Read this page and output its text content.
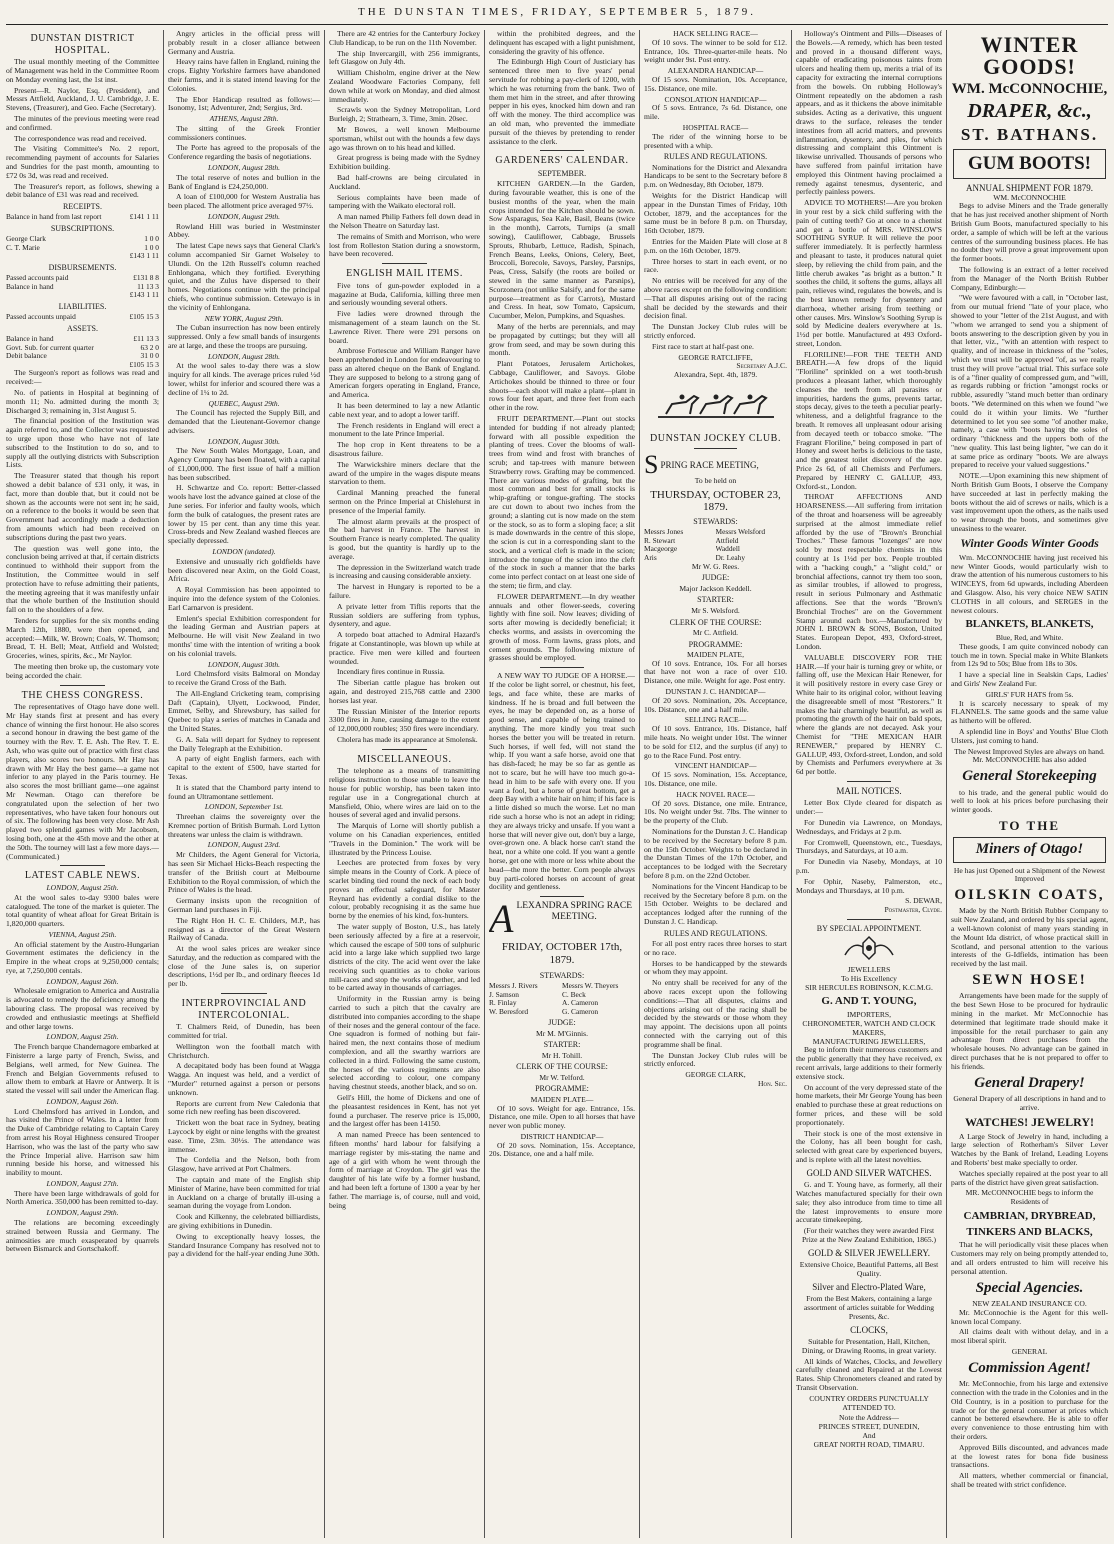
THE DUNSTAN TIMES, FRIDAY, SEPTEMBER 5, 1879.
DUNSTAN DISTRICT HOSPITAL.

The usual monthly meeting of the Committee of Management was held in the Committee Room on Monday evening last, the 1st inst.

Present—R. Naylor, Esq. (President), and Messrs Attfield, Auckland, J. U. Cambridge, J. E. Stevens, (Treasurer), and Geo. Fache (Secretary).

The minutes of the previous meeting were read and confirmed.

The correspondence was read and received.

The Visiting Committee's No. 2 report, recommending payment of accounts for Salaries and Sundries for the past month, amounting to £72 0s 3d, was read and received.

The Treasurer's report, as follows, shewing a debit balance of £31 was read and received.

RECEIPTS.
Balance in hand from last report	£141 1 11
SUBSCRIPTIONS.
George Clark	1 0 0
C. T. Marie	1 0 0
£143 1 11
DISBURSEMENTS.
Passed accounts paid	£131 8 8
Balance in hand	11 13 3
£143 1 11
LIABILITIES.
Passed accounts unpaid	£105 15 3
ASSETS.
Balance in hand	£11 13 3
Govt. Sub. for current quarter	63 2 0
Debit balance	31 0 0
£105 15 3

The Surgeon's report as follows was read and received:—

No. of patients in Hospital at beginning of month 11; No. admitted during the month 3; Discharged 3; remaining in, 31st August 5.

The financial position of the Institution was again referred to, and the Collector was requested to urge upon those who have not of late subscribed to the Institution to do so, and to supply all the outlying districts with Subscription Lists.

The Treasurer stated that though his report showed a debit balance of £31 only, it was, in fact, more than double that, but it could not be shown as the accounts were not sent in; he said, on a reference to the books it would be seen that Government had accordingly made a deduction from amounts which had been received on subscriptions during the past two years.

The question was well gone into, the conclusion being arrived at that, if certain districts continued to withhold their support from the Institution, the Committee would in self protection have to refuse admitting their patients, the meeting agreeing that it was manifestly unfair that the whole burthen of the Institution should fall on to the shoulders of a few.

Tenders for supplies for the six months ending March 12th, 1880, were then opened, and accepted:—Milk, W. Brown; Coals, W. Thomson; Bread, T. H. Bell; Meat, Attfield and Wolsted; Groceries, wines, spirits, &c., Mr Naylor.

The meeting then broke up, the customary vote being accorded the chair.

THE CHESS CONGRESS.

The representatives of Otago have done well. Mr Hay stands first at present and has every chance of winning the first honour. He also scores a second honour in drawing the best game of the tourney with the Rev. T. E. Ash. The Rev. T. E. Ash, who was quite out of practice with first class players, also scores two honours. Mr Hay has drawn with Mr Hay the best game—a game not inferior to any played in the Paris tourney. He also scores the most brilliant game—one against Mr Newman. Otago can therefore be congratulated upon the selection of her two representatives, who have taken four honours out of six. The following has been very close. Mr Ash played two splendid games with Mr Jacobsen, losing both, one at the 45th move and the other at the 50th. The tourney will last a few more days.—(Communicated.)

LATEST CABLE NEWS.
LONDON, August 25th.

At the wool sales to-day 9300 bales were catalogued. The tone of the market is quieter. The total quantity of wheat afloat for Great Britain is 1,820,000 quarters.

VIENNA, August 25th.

An official statement by the Austro-Hungarian Government estimates the deficiency in the Empire in the wheat crops at 9,250,000 centals; rye, at 7,250,000 centals.

LONDON, August 26th.

Wholesale emigration to America and Australia is advocated to remedy the deficiency among the labouring class. The proposal was received by crowded and enthusiastic meetings at Sheffield and other large towns.

LONDON, August 25th.

The French barque Chandernagore embarked at Finisterre a large party of French, Swiss, and Belgians, well armed, for New Guinea. The French and Belgian Governments refused to allow them to embark at Havre or Antwerp. It is stated the vessel will sail under the American flag.

LONDON, August 26th.

Lord Chelmsford has arrived in London, and has visited the Prince of Wales. In a letter from the Duke of Cambridge relating to Captain Carey from arrest his Royal Highness censured Trooper Harrison, who was the last of the party who saw the Prince Imperial alive. Harrison saw him running beside his horse, and witnessed his inability to mount.

LONDON, August 27th.

There have been large withdrawals of gold for North America. 350,000 has been remitted to-day.

LONDON, August 29th.

The relations are becoming exceedingly strained between Russia and Germany. The animosities are much exasperated by quarrels between Bismarck and Gortschakoff.

Angry articles in the official press will probably result in a closer alliance between Germany and Austria.

Heavy rains have fallen in England, ruining the crops. Eighty Yorkshire farmers have abandoned their farms, and it is stated intend leaving for the Colonies.

The Ebor Handicap resulted as follows:—Isonomy, 1st; Adventurer, 2nd; Sergius, 3rd.

ATHENS, August 28th.

The sitting of the Greek Frontier commissioners continues.

The Porte has agreed to the proposals of the Conference regarding the basis of negotiations.

LONDON, August 28th.

The total reserve of notes and bullion in the Bank of England is £24,250,000.

A loan of £100,000 for Western Australia has been placed. The allotment price averaged 97½.

LONDON, August 29th.

Rowland Hill was buried in Westminster Abbey.

The latest Cape news says that General Clark's column accompanied Sir Garnet Wolseley to Ulundi. On the 12th Russell's column reached Enhlongana, which they fortified. Everything quiet, and the Zulus have dispersed to their homes. Negotiations continue with the principal chiefs, who continue submission. Cetewayo is in the vicinity of Enhlongana.

NEW YORK, August 29th.

The Cuban insurrection has now been entirely suppressed. Only a few small bands of insurgents are at large, and these the troops are pursuing.

LONDON, August 28th.

At the wool sales to-day there was a slow inquiry for all kinds. The average prices ruled ½d lower, whilst for inferior and scoured there was a decline of 1¼ to 2d.

QUEBEC, August 29th.

The Council has rejected the Supply Bill, and demanded that the Lieutenant-Governor change advisers.

LONDON, August 30th.

The New South Wales Mortgage, Loan, and Agency Company has been floated, with a capital of £1,000,000. The first issue of half a million has been subscribed.

H. Schwartze and Co. report: Better-classed wools have lost the advance gained at close of the June series. For inferior and faulty wools, which form the bulk of catalogues, the present rates are lower by 15 per cent. than any time this year. Cross-breds and New Zealand washed fleeces are specially depressed.

LONDON (undated).

Extensive and unusually rich goldfields have been discovered near Axim, on the Gold Coast, Africa.

A Royal Commission has been appointed to inquire into the defence system of the Colonies. Earl Carnarvon is president.

Emlent's special Exhibition correspondent for the leading German and Austrian papers at Melbourne. He will visit New Zealand in two months' time with the intention of writing a book on his colonial travels.

LONDON, August 30th.

Lord Chelmsford visits Balmoral on Monday to receive the Grand Cross of the Bath.

The All-England Cricketing team, comprising Daft (Captain), Ulyett, Lockwood, Pinder, Emmet, Selby, and Shrewsbury, has sailed for Quebec to play a series of matches in Canada and the United States.

G. A. Sala will depart for Sydney to represent the Daily Telegraph at the Exhibition.

A party of eight English farmers, each with capital to the extent of £500, have started for Texas.

It is stated that the Chambord party intend to found an Ultramontane settlement.

LONDON, September 1st.

Threehan claims the sovereignty over the Kremnec portion of British Burmah. Lord Lytton threatens war unless the claim is withdrawn.

LONDON, August 23rd.

Mr Childers, the Agent General for Victoria, has seen Sir Michael Hicks-Beach respecting the transfer of the British court at Melbourne Exhibition to the Royal commission, of which the Prince of Wales is the head.

Germany insists upon the recognition of German land purchases in Fiji.

The Right Hon H. C. E. Childers, M.P., has resigned as a director of the Great Western Railway of Canada.

At the wool sales prices are weaker since Saturday, and the reduction as compared with the close of the June sales is, on superior descriptions, 1½d per lb., and ordinary fleeces 1d per lb.

INTERPROVINCIAL AND INTERCOLONIAL.

T. Chalmers Reid, of Dunedin, has been committed for trial.

Wellington won the football match with Christchurch.

A decapitated body has been found at Wagga Wagga. An inquest was held, and a verdict of "Murder" returned against a person or persons unknown.

Reports are current from New Caledonia that some rich new reefing has been discovered.

Trickett won the boat race in Sydney, beating Laycock by eight or nine lengths with the greatest ease. Time, 23m. 30½s. The attendance was immense.

The Cordelia and the Nelson, both from Glasgow, have arrived at Port Chalmers.

The captain and mate of the English ship Minister of Marine, have been committed for trial in Auckland on a charge of brutally ill-using a seaman during the voyage from London.

Cook and Kilkenny, the celebrated billiardists, are giving exhibitions in Dunedin.

Owing to exceptionally heavy losses, the Standard Insurance Company has resolved not to pay a dividend for the half-year ending June 30th.

There are 42 entries for the Canterbury Jockey Club Handicap, to be run on the 11th November.

The ship Invercargill, with 256 immigrants, left Glasgow on July 4th.

William Chisholm, engine driver at the New Zealand Woodware Factories Company, fell down while at work on Monday, and died almost immediately.

Scrawls won the Sydney Metropolitan, Lord Burleigh, 2; Strathearn, 3. Time, 3min. 20sec.

Mr Bowes, a well known Melbourne sportsman, whilst out with the hounds a few days ago was thrown on to his head and killed.

Great progress is being made with the Sydney Exhibition building.

Bad half-crowns are being circulated in Auckland.

Serious complaints have been made of tampering with the Waikato electoral roll.

A man named Philip Fathers fell down dead in the Nelson Theatre on Saturday last.

The remains of Smith and Morrison, who were lost from Rolleston Station during a snowstorm, have been recovered.

ENGLISH MAIL ITEMS.

Five tons of gun-powder exploded in a magazine at Buda, California, killing three men and seriously wounding several others.

Five ladies were drowned through the mismanagement of a steam launch on the St. Lawrence River. There were 291 persons on board.

Ambrose Fortescue and William Ranger have been apprehended in London for endeavouring to pass an altered cheque on the Bank of England. They are supposed to belong to a strong gang of American forgers operating in England, France, and America.

It has been determined to lay a new Atlantic cable next year, and to adopt a lower tariff.

The French residents in England will erect a monument to the late Prince Imperial.

The hop crop in Kent threatens to be a disastrous failure.

The Warwickshire miners declare that the award of the umpire in the wages dispute means starvation to them.

Cardinal Manning preached the funeral sermon on the Prince Imperial at Chislehurst in presence of the Imperial family.

The almost alarm prevails at the prospect of the bad harvest in France. The harvest in Southern France is nearly completed. The quality is good, but the quantity is hardly up to the average.

The depression in the Switzerland watch trade is increasing and causing considerable anxiety.

The harvest in Hungary is reported to be a failure.

A private letter from Tiflis reports that the Russian soldiers are suffering from typhus, dysentery, and ague.

A torpedo boat attached to Admiral Hazard's frigate at Constantinople, was blown up while at practice. Five men were killed and fourteen wounded.

Incendiary fires continue in Russia.

The Siberian cattle plague has broken out again, and destroyed 215,768 cattle and 2300 horses last year.

The Russian Minister of the Interior reports 3300 fires in June, causing damage to the extent of 12,000,000 roubles; 350 fires were incendiary.

Cholera has made its appearance at Smolensk.

MISCELLANEOUS.

The telephone as a means of transmitting religious instruction to those unable to leave the house for public worship, has been taken into regular use in a Congregational church at Mansfield, Ohio, where wires are laid on to the houses of several aged and invalid persons.

The Marquis of Lorne will shortly publish a volume on his Canadian experiences, entitled "Travels in the Dominion." The work will be illustrated by the Princess Louise.

Leeches are protected from foxes by very simple means in the County of Cork. A piece of scarlet binding tied round the neck of each body proves an effectual safeguard, for Master Reynard has evidently a cordial dislike to the colour, probably recognising it as the same hue borne by the enemies of his kind, fox-hunters.

The water supply of Boston, U.S., has lately been seriously affected by a fire at a reservoir, which caused the escape of 500 tons of sulphuric acid into a large lake which supplied two large districts of the city. The acid went over the lake receiving such quantities as to choke various mill-races and stop the works altogether, and led to be carted away in thousands of carriages.

Uniformity in the Russian army is being carried to such a pitch that the cavalry are distributed into companies according to the shape of their noses and the general contour of the face. One squadron is formed of nothing but fair-haired men, the next contains those of medium complexion, and all the swarthy warriors are collected in a third. Following the same custom, the horses of the various regiments are also selected according to colour, one company having chestnut steeds, another black, and so on.

Gell's Hill, the home of Dickens and one of the pleasantest residences in Kent, has not yet found a purchaser. The reserve price is 15,000, and the largest offer has been 14150.

A man named Preece has been sentenced to fifteen months' hard labour for falsifying a marriage register by mis-stating the name and age of a girl with whom he went through the form of marriage at Croydon. The girl was the daughter of his late wife by a former husband, and had been left a fortune of 1300 a year by her father. The marriage is, of course, null and void, being

within the prohibited degrees, and the delinquent has escaped with a light punishment, considering the gravity of his offence.

The Edinburgh High Court of Justiciary has sentenced three men to five years' penal servitude for robbing a pay-clerk of 1200, with which he was returning from the bank. Two of them met him in the street, and after throwing pepper in his eyes, knocked him down and ran off with the money. The third accomplice was an old man, who prevented the immediate pursuit of the thieves by pretending to render assistance to the clerk.

GARDENERS' CALENDAR.
SEPTEMBER.

KITCHEN GARDEN.—In the Garden, during favourable weather, this is one of the busiest months of the year, when the main crops intended for the Kitchen should be sown. Sow Asparagus, Sea Kale, Basil, Beans (twice in the month), Carrots, Turnips (a small sowing), Cauliflower, Cabbage, Brussels Sprouts, Rhubarb, Lettuce, Radish, Spinach, French Beans, Leeks, Onions, Celery, Beet, Broccoli, Borecole, Savoys, Parsley, Parsnips, Peas, Cress, Salsify (the roots are boiled or stewed in the same manner as Parsnips), Scorzonera (not unlike Salsify, and for the same purpose—treatment as for Carrots), Mustard and Cress. In heat, sow Tomato, Capsicum, Cucumber, Melon, Pumpkins, and Squashes.

Many of the herbs are perennials, and may be propagated by cuttings; but they will all grow from seed, and may be sown during this month.

Plant Potatoes, Jerusalem Artichokes, Cabbage, Cauliflower, and Savoys. Globe Artichokes should be thinned to three or four shoots—each shoot will make a plant—plant in rows four feet apart, and three feet from each other in the row.

FRUIT DEPARTMENT.—Plant out stocks intended for budding if not already planted; forward with all possible expedition the planting of trees. Cover the blooms of wall-trees from wind and frost with branches of scrub; and tap-trees with manure between Strawberry rows. Grafting may be commenced. There are various modes of grafting, but the most common and best for small stocks is whip-grafting or tongue-grafting. The stocks are cut down to about two inches from the ground; a slanting cut is now made on the stem or the stock, so as to form a sloping face; a slit is made downwards in the centre of this slope, the scion is cut in a corresponding slant to the stock, and a vertical cleft is made in the scion; introduce the tongue of the scion into the cleft of the stock in such a manner that the barks come into perfect contact on at least one side of the stem; tie firm, and clay.

FLOWER DEPARTMENT.—In dry weather annuals and other flower-seeds, covering lightly with fine soil. Now leaves; dividing of sorts after mowing is decidedly beneficial; it checks worms, and assists in overcoming the growth of moss. Form lawns, grass plots, and cement grounds. The following mixture of grasses should be employed.

A NEW WAY TO JUDGE OF A HORSE.—If the color be light sorrel, or chestnut, his feet, legs, and face white, these are marks of kindness. If he is broad and full between the eyes, he may be depended on, as a horse of good sense, and capable of being trained to anything. The more kindly you treat such horses the better you will be treated in return. Such horses, if well fed, will not stand the whip. If you want a safe horse, avoid one that has dish-faced; he may be so far as gentle as not to scare, but he will have too much go-a-head in him to be safe with every one. If you want a fool, but a horse of great bottom, get a deep Bay with a white hair on him; if his face is a little dished so much the worse. Let no man ride such a horse who is not an adept in riding; they are always tricky and unsafe. If you want a horse that will never give out, don't buy a large, over-grown one. A black horse can't stand the heat, nor a white one cold. If you want a gentle horse, get one with more or less white about the head—the more the better. Corn people always buy parti-colored horses on account of great docility and gentleness.

A LEXANDRA SPRING RACE
MEETING.
FRIDAY, OCTOBER 17th, 1879.
STEWARDS:
Messrs J. Rivers	Messrs W. Theyers
J. Samson	C. Beck
R. Finlay	A. Cameron
W. Beresford	G. Cameron
JUDGE:
Mr M. M'Ginnis.
STARTER:
Mr H. Tohill.
CLERK OF THE COURSE:
Mr W. Telford.
PROGRAMME:
MAIDEN PLATE—

Of 10 sovs. Weight for age. Entrance, 15s. Distance, one mile. Open to all horses that have never won public money.

DISTRICT HANDICAP—

Of 20 sovs. Nomination, 15s. Acceptance, 20s. Distance, one and a half mile.

HACK SELLING RACE—

Of 10 sovs. The winner to be sold for £12. Entrance, 10s. Three-quarter-mile heats. No weight under 9st. Post entry.

ALEXANDRA HANDICAP—

Of 15 sovs. Nomination, 10s. Acceptance, 15s. Distance, one mile.

CONSOLATION HANDICAP—

Of 5 sovs. Entrance, 7s 6d. Distance, one mile.

HOSPITAL RACE—

The rider of the winning horse to be presented with a whip.

RULES AND REGULATIONS.

Nominations for the District and Alexandra Handicaps to be sent to the Secretary before 8 p.m. on Wednesday, 8th October, 1879.

Weights for the District Handicap will appear in the Dunstan Times of Friday, 10th October, 1879, and the acceptances for the same must be in before 8 p.m. on Thursday, 16th October, 1879.

Entries for the Maiden Plate will close at 8 p.m. on the 16th October, 1879.

Three horses to start in each event, or no race.

No entries will be received for any of the above races except on the following condition:—That all disputes arising out of the racing shall be decided by the stewards and their decision final.

The Dunstan Jockey Club rules will be strictly enforced.

First race to start at half-past one.

GEORGE RATCLIFFE,
Secretary A.J.C.
Alexandra, Sept. 4th, 1879.
DUNSTAN JOCKEY CLUB.
S PRING RACE MEETING,
To be held on
THURSDAY, OCTOBER 23, 1879.
STEWARDS:
Messrs Jones	Messrs Welsford
R. Stewart	Attfield
Macgeorge	Waddell
Aris	Dr. Leahy
Mr W. G. Rees.
JUDGE:
Major Jackson Keddell.
STARTER:
Mr S. Welsford.
CLERK OF THE COURSE:
Mr C. Attfield.
PROGRAMME:
MAIDEN PLATE,

Of 10 sovs. Entrance, 10s. For all horses that have not won a race of over £10. Distance, one mile. Weight for age. Post entry.

DUNSTAN J. C. HANDICAP—

Of 20 sovs. Nomination, 20s. Acceptance, 10s. Distance, one and a half mile.

SELLING RACE—

Of 10 sovs. Entrance, 10s. Distance, half mile heats. No weight under 10st. The winner to be sold for £12, and the surplus (if any) to go to the Race Fund. Post entry.

VINCENT HANDICAP—

Of 15 sovs. Nomination, 15s. Acceptance, 10s. Distance, one mile.

HACK NOVEL RACE—

Of 20 sovs. Distance, one mile. Entrance, 10s. No weight under 9st. 7lbs. The winner to be the property of the Club.

Nominations for the Dunstan J. C. Handicap to be received by the Secretary before 8 p.m. on the 15th October. Weights to be declared in the Dunstan Times of the 17th October, and acceptances to be lodged with the Secretary before 8 p.m. on the 22nd October.

Nominations for the Vincent Handicap to be received by the Secretary before 8 p.m. on the 15th October. Weights to be declared and acceptances lodged after the running of the Dunstan J. C. Handicap.

RULES AND REGULATIONS.

For all post entry races three horses to start or no race.

Horses to be handicapped by the stewards or whom they may appoint.

No entry shall be received for any of the above races except upon the following conditions:—That all disputes, claims and objections arising out of the racing shall be decided by the stewards or those whom they may appoint. The decisions upon all points connected with the carrying out of this programme shall be final.

The Dunstan Jockey Club rules will be strictly enforced.

GEORGE CLARK,
Hon. Sec.

Holloway's Ointment and Pills—Diseases of the Bowels.—A remedy, which has been tested and proved in a thousand different ways, capable of eradicating poisonous taints from ulcers and healing them up, merits a trial of its capacity for extracting the internal corruptions from the bowels. On rubbing Holloway's Ointment repeatedly on the abdomen a rash appears, and as it thickens the above inimitable subsides. Acting as a derivative, this unguent draws to the surface, releases the tender intestines from all acrid matters, and prevents inflammation, dysentery, and piles, for which distressing and complaint this Ointment is likewise unrivalled. Thousands of persons who have suffered from painful irritation have employed this Ointment having proclaimed a remedy against tenesmus, dysenteric, and perfectly painless powers.

ADVICE TO MOTHERS!—Are you broken in your rest by a sick child suffering with the pain of cutting teeth? Go at once to a chemist and get a bottle of MRS. WINSLOW'S SOOTHING SYRUP. It will relieve the poor sufferer immediately. It is perfectly harmless and pleasant to taste, it produces natural quiet sleep, by relieving the child from pain, and the little cherub awakes "as bright as a button." It soothes the child, it softens the gums, allays all pain, relieves wind, regulates the bowels, and is the best known remedy for dysentery and diarrhoea, whether arising from teething or other causes. Mrs. Winslow's Soothing Syrup is sold by Medicine dealers everywhere at 1s. 1½d per bottle. Manufactured at 493 Oxford-street, London.

FLORILINE!—FOR THE TEETH AND BREATH.—A few drops of the liquid "Floriline" sprinkled on a wet tooth-brush produces a pleasant lather, which thoroughly cleanses the teeth from all parasites or impurities, hardens the gums, prevents tartar, stops decay, gives to the teeth a peculiar pearly-whiteness, and a delightful fragrance to the breath. It removes all unpleasant odour arising from decayed teeth or tobacco smoke. "The Fragrant Floriline," being composed in part of Honey and sweet herbs is delicious to the taste, and the greatest toilet discovery of the age. Price 2s 6d, of all Chemists and Perfumers. Prepared by HENRY C. GALLUP, 493, Oxford-st., London.

THROAT AFFECTIONS AND HOARSENESS.—All suffering from irritation of the throat and hoarseness will be agreeably surprised at the almost immediate relief afforded by the use of "Brown's Bronchial Troches." These famous "lozenges" are now sold by most respectable chemists in this country at 1s 1½d per box. People troubled with a "hacking cough," a "slight cold," or bronchial affections, cannot try them too soon, as similar troubles, if allowed to progress, result in serious Pulmonary and Asthmatic affections. See that the words "Brown's Bronchial Troches" are on the Government Stamp around each box.—Manufactured by JOHN I. BROWN & SONS, Boston, United States. European Depot, 493, Oxford-street, London.

VALUABLE DISCOVERY FOR THE HAIR.—If your hair is turning grey or white, or falling off, use the Mexican Hair Renewer, for it will positively restore in every case Grey or White hair to its original color, without leaving the disagreeable smell of most "Restorers." It makes the hair charmingly beautiful, as well as promoting the growth of the hair on bald spots, where the glands are not decayed. Ask your Chemist for "THE MEXICAN HAIR RENEWER," prepared by HENRY C. GALLUP, 493, Oxford-street, London, and sold by Chemists and Perfumers everywhere at 3s 6d per bottle.

MAIL NOTICES.

Letter Box Clyde cleared for dispatch as under:—

For Dunedin via Lawrence, on Mondays, Wednesdays, and Fridays at 2 p.m.

For Cromwell, Queenstown, etc., Tuesdays, Thursdays, and Saturdays, at 10 a.m.

For Dunedin via Naseby, Mondays, at 10 p.m.

For Ophir, Naseby, Palmerston, etc., Mondays and Thursdays, at 10 p.m.

S. DEWAR,
Postmaster, Clyde.
BY SPECIAL APPOINTMENT.
JEWELLERS
To His Excellency
SIR HERCULES ROBINSON, K.C.M.G.
G. AND T. YOUNG,
IMPORTERS,
CHRONOMETER, WATCH AND CLOCK MAKERS,
MANUFACTURING JEWELLERS,

Beg to inform their numerous customers and the public generally that they have received, ex recent arrivals, large additions to their formerly extensive stock.

On account of the very depressed state of the home markets, their Mr George Young has been enabled to purchase these at great reductions on former prices, and these will be sold proportionately.

Their stock is one of the most extensive in the Colony, has all been bought for cash, selected with great care by experienced buyers, and is replete with all the latest novelties.

GOLD AND SILVER WATCHES.

G. and T. Young have, as formerly, all their Watches manufactured specially for their own sale; they also introduce from time to time all the latest improvements to ensure more accurate timekeeping.

(For their watches they were awarded First Prize at the New Zealand Exhibition, 1865.)

GOLD & SILVER JEWELLERY.

Extensive Choice, Beautiful Patterns, all Best Quality.

Silver and Electro-Plated Ware,

From the Best Makers, containing a large assortment of articles suitable for Wedding Presents, &c.

CLOCKS,

Suitable for Presentation, Hall, Kitchen, Dining, or Drawing Rooms, in great variety.

All kinds of Watches, Clocks, and Jewellery carefully cleaned and Repaired at the Lowest Rates. Ship Chronometers cleaned and rated by Transit Observation.

COUNTRY ORDERS PUNCTUALLY ATTENDED TO.

Note the Address—
PRINCES STREET, DUNEDIN,
And
GREAT NORTH ROAD, TIMARU.
WINTER GOODS!
WM. McCONNOCHIE,
DRAPER, &c.,
ST. BATHANS.
GUM BOOTS!
ANNUAL SHIPMENT FOR 1879.
WM. McCONNOCHIE

Begs to advise Miners and the Trade generally that he has just received another shipment of North British Gum Boots, manufactured specially to his order, a sample of which will be left at the various centres of the surrounding business places. He has no doubt they will prove a great improvement upon the former boots.

The following is an extract of a letter received from the Manager of the North British Rubber Company, Edinburgh:—

"We were favoured with a call, in "October last, from our mutual friend "late of your place, who showed to your "letter of the 21st August, and with "whom we arranged to send you a shipment of boots answering to the description given by you in that letter, viz., "with an attention with respect to quality, and of increase in thickness of the "soles, which we trust will be approved "of, as we really trust they will prove "actual trial. This surface sole is of a "finer quality of compressed gum, and "will, as regards rubbing or friction "amongst rocks or rubble, assuredly "stand much better than ordinary boots. "We determined on this when we found "we could do it within your limits. We "further determined to let you see some "of another make, namely, a case with "boots having the soles of ordinary "thickness and the uppers both of the "new quality. This last being lighter, "we can do it at same price as ordinary "boots. We are always prepared to receive your valued suggestions."

NOTE.—Upon examining this new shipment of North British Gum Boots, I observe the Company have succeeded at last in perfectly making the boots without the aid of screws or nails, which is a vast improvement upon the others, as the nails used to wear through the boots, and sometimes give uneasiness to the wearer.

Winter Goods Winter Goods

Wm. McCONNOCHIE having just received his new Winter Goods, would particularly wish to draw the attention of his numerous customers to his WINCEYS, from 6d upwards, including Aberdeen and Glasgow. Also, his very choice NEW SATIN CLOTHS in all colours, and SERGES in the newest colours.

BLANKETS, BLANKETS,
Blue, Red, and White.

These goods, I am quite convinced nobody can touch me in town. Special make in White Blankets from 12s 9d to 50s; Blue from 18s to 30s.

I have a special line in Sealskin Caps, Ladies' and Girls' New Zealand Fur.

GIRLS' FUR HATS from 5s.

It is scarcely necessary to speak of my FLANNELS. The same goods and the same value as hitherto will be offered.

A splendid line in Boys' and Youths' Blue Cloth Ulsters, just coming to hand.

The Newest Improved Styles are always on hand.
Mr. McCONNOCHIE has also added
General Storekeeping

to his trade, and the general public would do well to look at his prices before purchasing their winter goods.

TO THE
Miners of Otago!

He has just Opened out a Shipment of the Newest Improved

OILSKIN COATS,

Made by the North British Rubber Company to suit New Zealand, and ordered by his special agent, a well-known colonist of many years standing in the Mount Ida district, of whose practical skill in Scotland, and personal attention to the various interests of the G-Idfields, intimation has been received by the last mail.

SEWN HOSE!

Arrangements have been made for the supply of the best Sewn Hose to be procured for hydraulic mining in the market. Mr McConnochie has determined that legitimate trade should make it impossible for the retail purchaser to gain any advantage from direct purchases from the wholesale houses. No advantage can be gained in direct purchases that he is not prepared to offer to his friends.

General Drapery!

General Drapery of all descriptions in hand and to arrive.

WATCHES! JEWELRY!

A Large Stock of Jewelry in hand, including a large selection of Rotherham's Silver Lever Watches by the Bank of Ireland, Leading Loyens and Roberts' best make specially to order.

Watches specially repaired at the post year to all parts of the district have given great satisfaction.

MR. McCONNOCHIE begs to inform the Residents of

CAMBRIAN, DRYBREAD,
TINKERS AND BLACKS,

That he will periodically visit these places when Customers may rely on being promptly attended to, and all orders entrusted to him will receive his personal attention.

Special Agencies.
NEW ZEALAND INSURANCE CO.

Mr. McConnochie is the Agent for this well-known local Company.

All claims dealt with without delay, and in a most liberal spirit.

GENERAL
Commission Agent!

Mr. McConnochie, from his large and extensive connection with the trade in the Colonies and in the Old Country, is in a position to purchase for the trade or for the general consumer at prices which cannot be bettered elsewhere. He is able to offer every convenience to those entrusting him with their orders.

Approved Bills discounted, and advances made at the lowest rates for bona fide business transactions.

All matters, whether commercial or financial, shall be treated with strict confidence.
